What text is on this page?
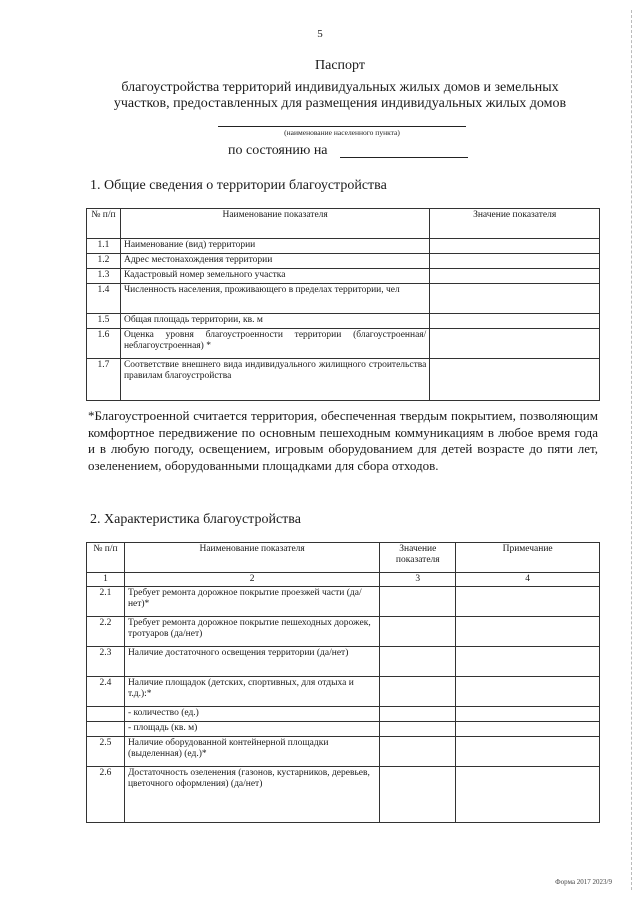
5
Паспорт
благоустройства территорий индивидуальных жилых домов и земельных
участков, предоставленных для размещения индивидуальных жилых домов
(наименование населенного пункта)
по состоянию на
1. Общие сведения о территории благоустройства
№ п/п	Наименование показателя	Значение показателя
1.1	Наименование (вид) территории	
1.2	Адрес местонахождения территории	
1.3	Кадастровый номер земельного участка	
1.4	Численность населения, проживающего в пределах территории, чел	
1.5	Общая площадь территории, кв. м	
1.6	Оценка уровня благоустроенности территории (благоустроенная/ неблагоустроенная) *	
1.7	Соответствие внешнего вида индивидуального жилищного строительства правилам благоустройства	
*Благоустроенной считается территория, обеспеченная твердым покрытием, позволяющим комфортное передвижение по основным пешеходным коммуникациям в любое время года и в любую погоду, освещением, игровым оборудованием для детей возрасте до пяти лет, озеленением, оборудованными площадками для сбора отходов.
2. Характеристика благоустройства
№ п/п	Наименование показателя	Значение показателя	Примечание
1	2	3	4
2.1	Требует ремонта дорожное покрытие проезжей части (да/нет)*		
2.2	Требует ремонта дорожное покрытие пешеходных дорожек, тротуаров (да/нет)		
2.3	Наличие достаточного освещения территории (да/нет)		
2.4	Наличие площадок (детских, спортивных, для отдыха и т.д.):*		
	- количество (ед.)		
	- площадь (кв. м)		
2.5	Наличие оборудованной контейнерной площадки (выделенная) (ед.)*		
2.6	Достаточность озеленения (газонов, кустарников, деревьев, цветочного оформления) (да/нет)		
Форма 2017 2023/9
